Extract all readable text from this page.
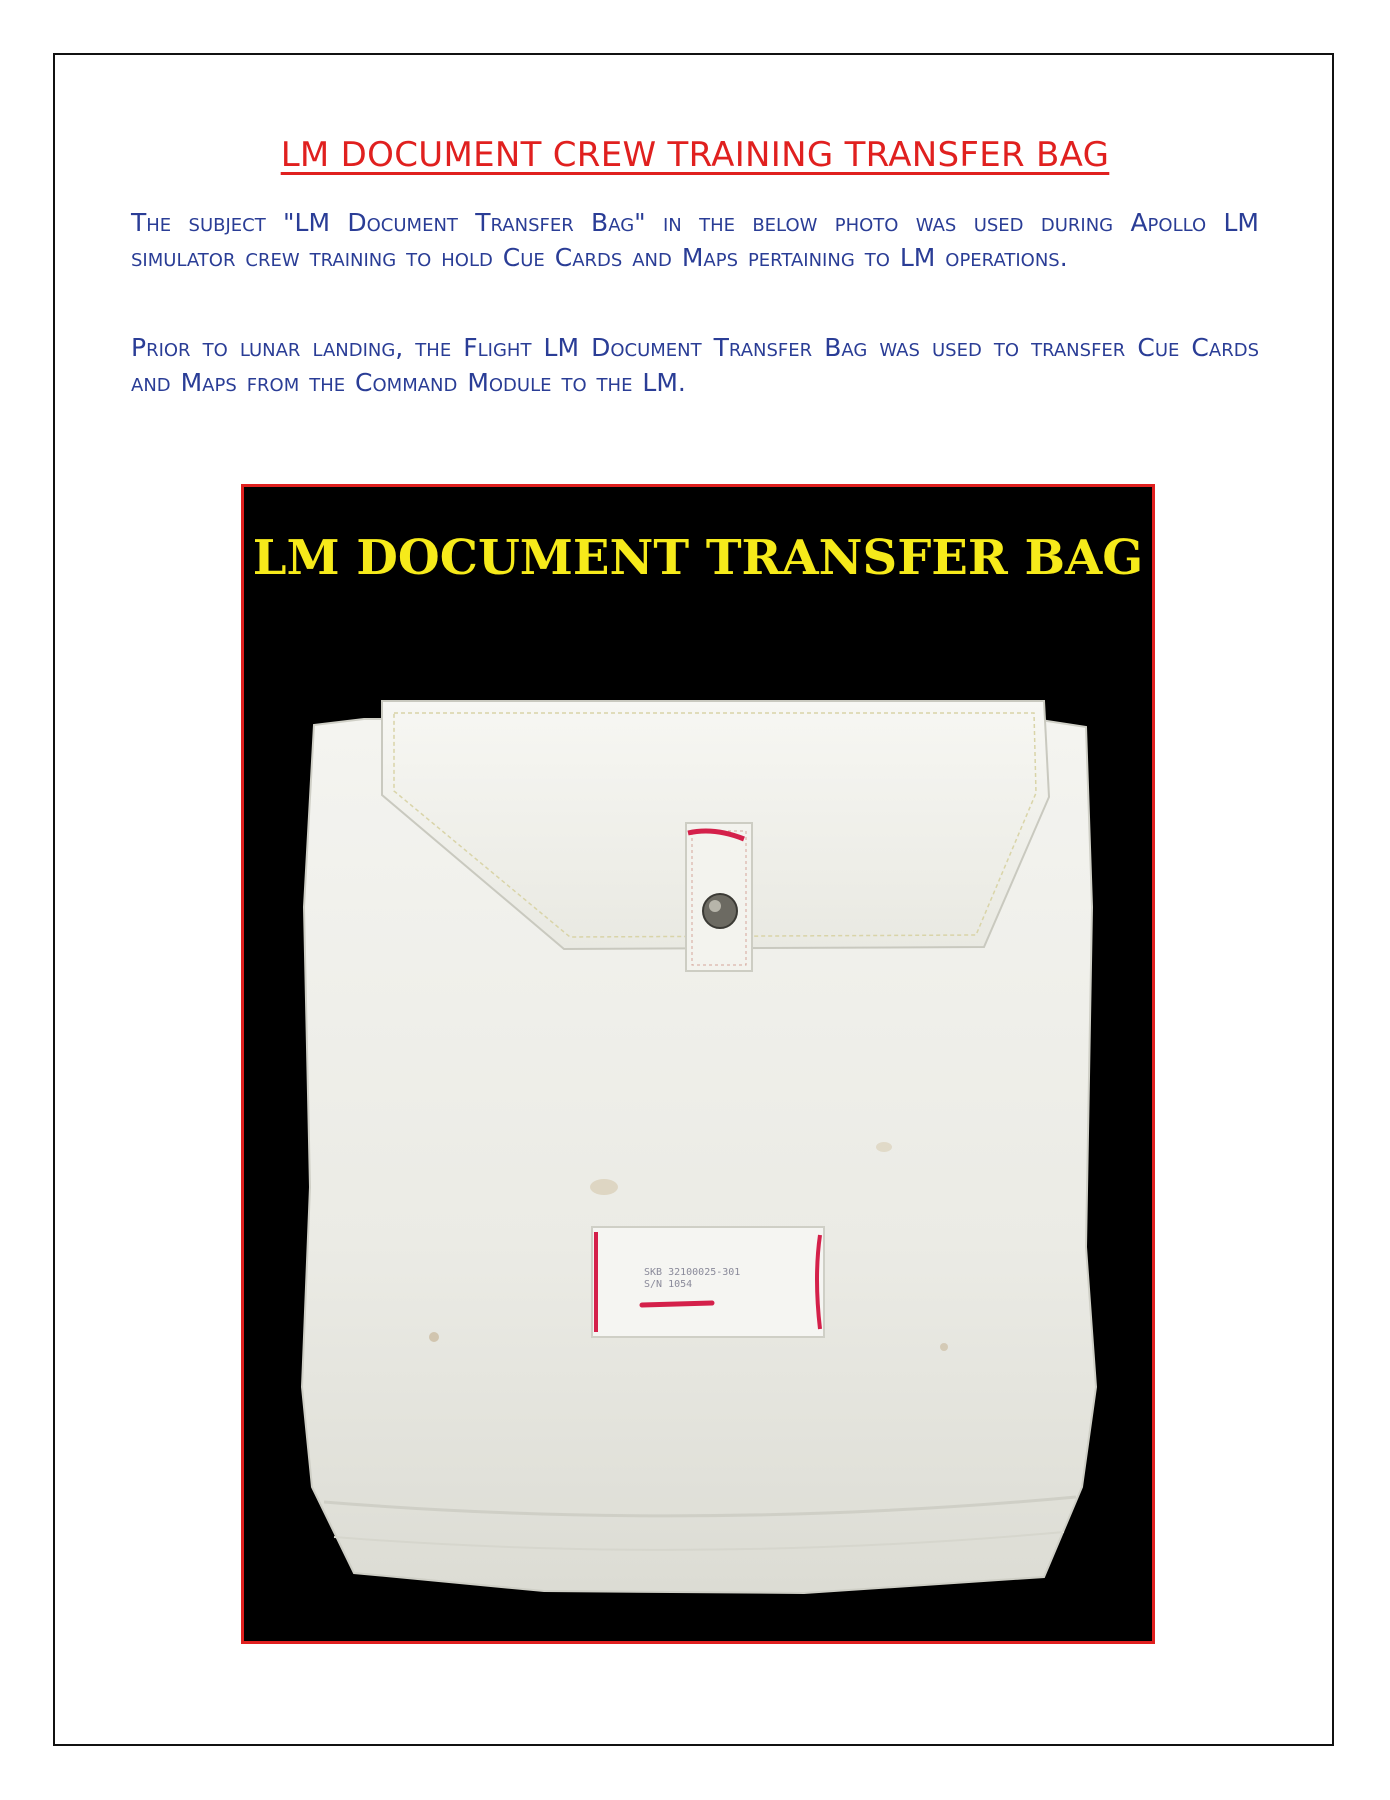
LM DOCUMENT CREW TRAINING TRANSFER BAG

The subject "LM Document Transfer Bag" in the below photo was used during Apollo LM simulator crew training to hold Cue Cards and Maps pertaining to LM operations.

Prior to lunar landing, the Flight LM Document Transfer Bag was used to transfer Cue Cards and Maps from the Command Module to the LM.

SKB 32100025-301
S/N 1054
LM DOCUMENT TRANSFER BAG
